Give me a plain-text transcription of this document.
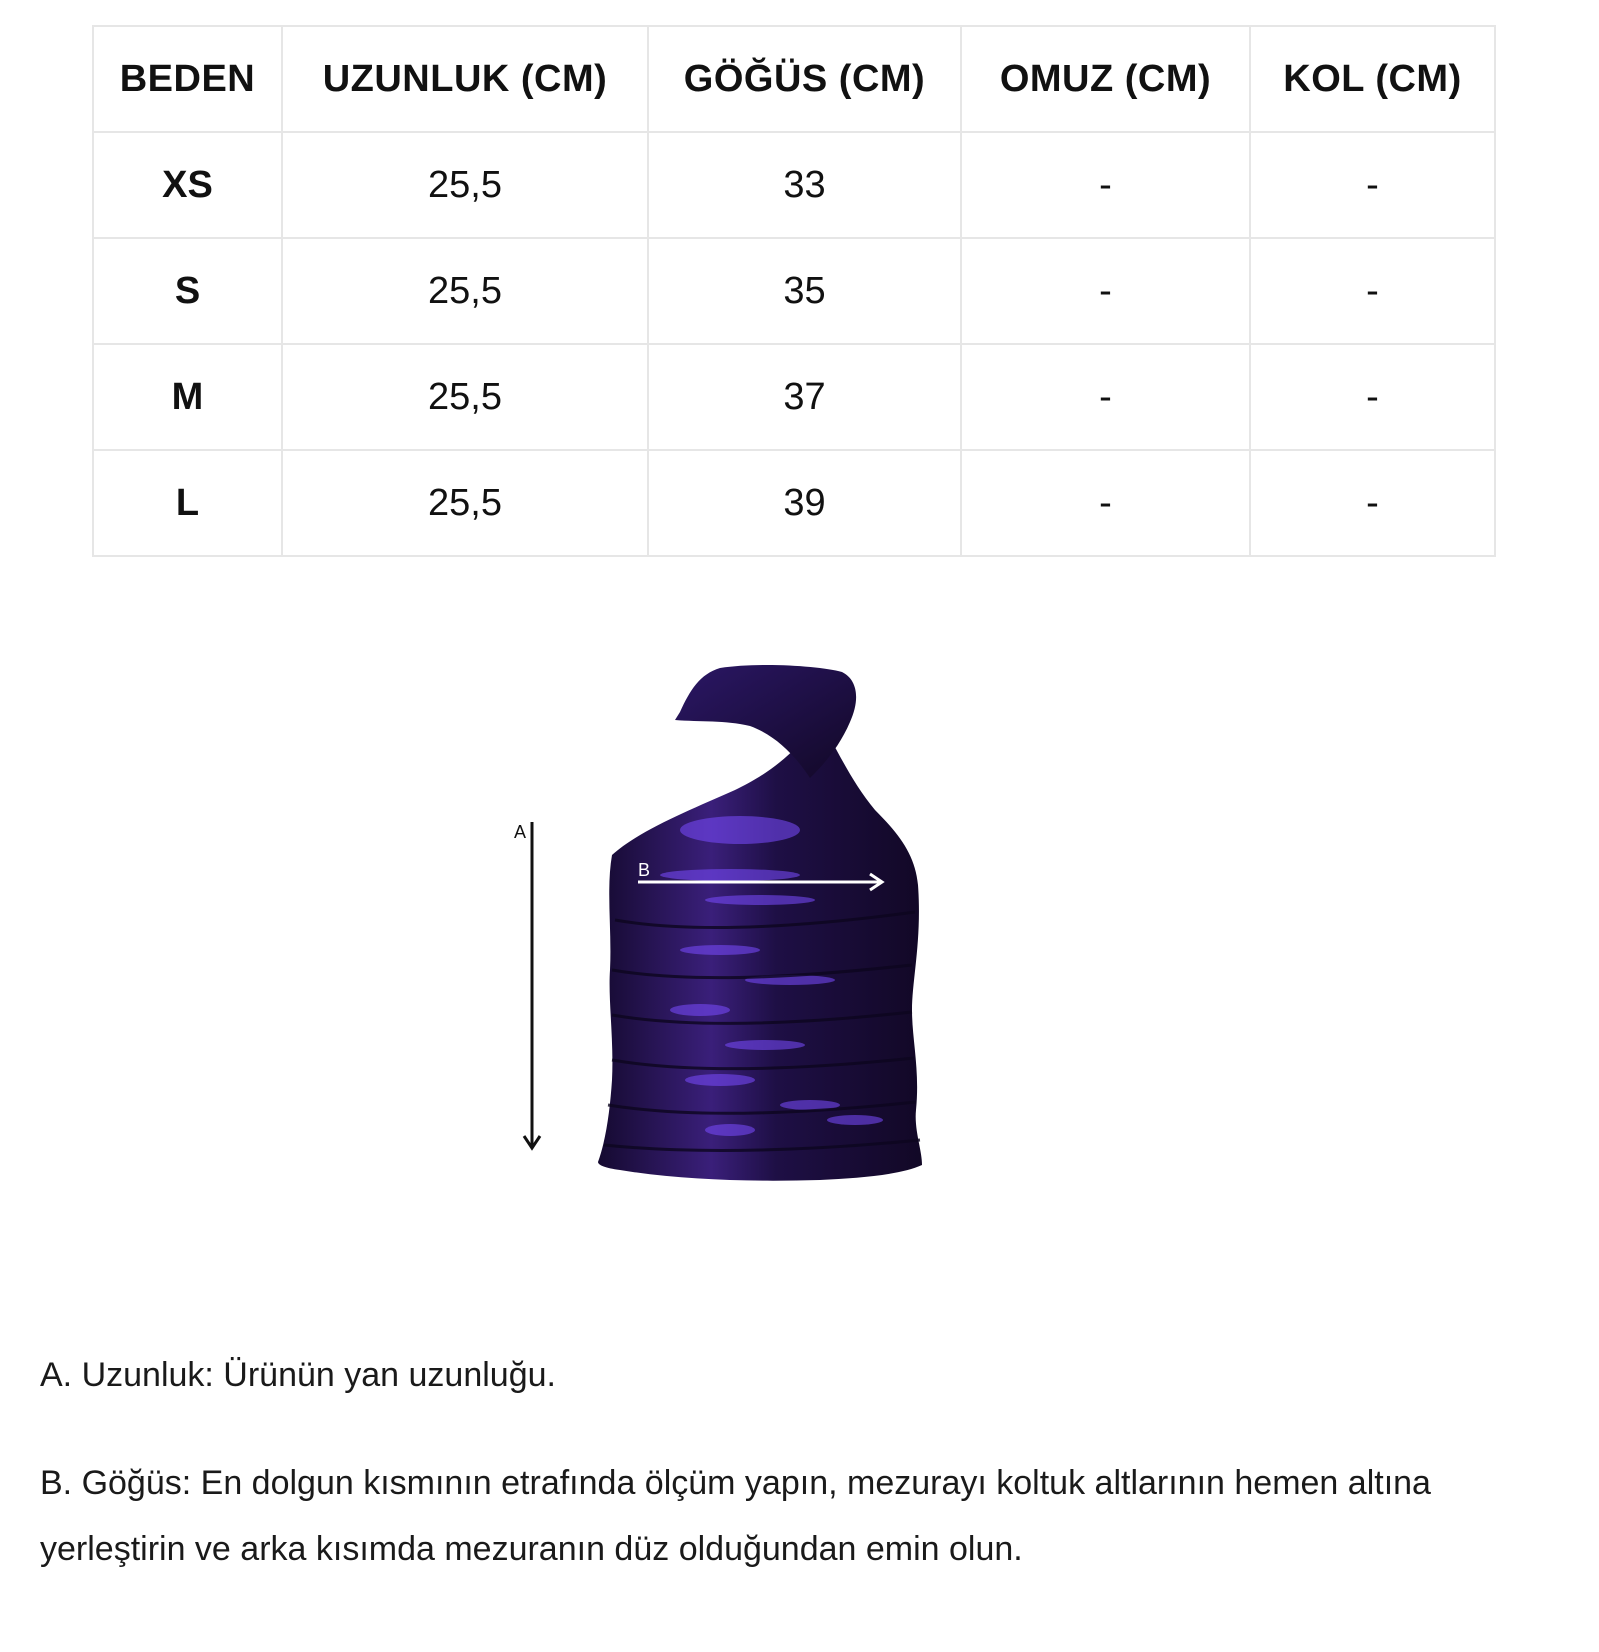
BEDEN	UZUNLUK (CM)	GÖĞÜS (CM)	OMUZ (CM)	KOL (CM)
XS	25,5	33	-	-
S	25,5	35	-	-
M	25,5	37	-	-
L	25,5	39	-	-
A
B

A. Uzunluk: Ürünün yan uzunluğu.

B. Göğüs: En dolgun kısmının etrafında ölçüm yapın, mezurayı koltuk altlarının hemen altına yerleştirin ve arka kısımda mezuranın düz olduğundan emin olun.
